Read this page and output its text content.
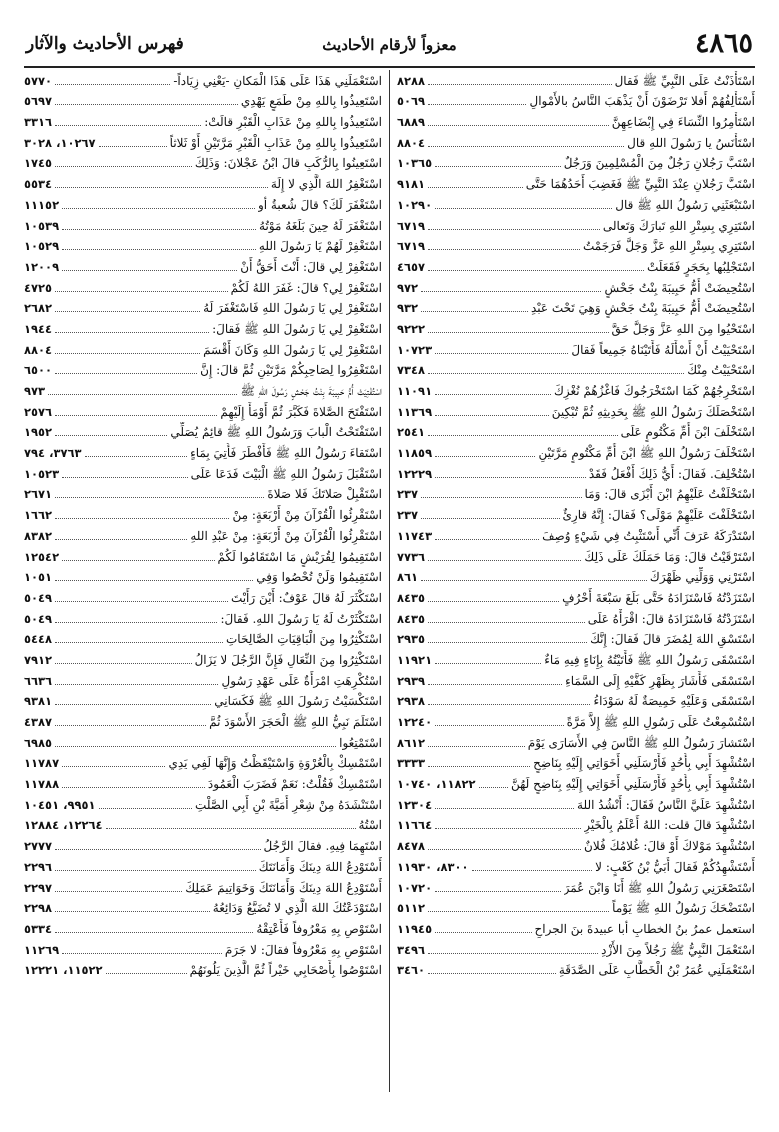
٤٨٦٥
معزواً لأرقام الأحاديث
فهرس الأحاديث والآثار
اسْتَأْذَنْتُ عَلَى النَّبِيِّ ﷺ فَقال
٨٢٨٨
أَسْتَأْلِفُهُمْ أَفلا تَرْضَوْنَ أَنْ يَذْهَبَ النَّاسُ بالأَمْوالِ
٥٠٦٩
اسْتَأْمِرُوا النِّسَاءَ فِي إِبْضَاعِهِنَّ
٦٨٨٩
اسْتَأْنَسُ يا رَسُولَ اللهِ قال
٨٨٠٤
اسْتَبَّ رَجُلانِ رَجُلٌ مِنَ الْمُسْلِمِينَ وَرَجُلٌ
١٠٣٦٥
اسْتَبَّ رَجُلانِ عِنْدَ النَّبِيِّ ﷺ فَغَضِبَ أَحَدُهُمَا حَتَّى
٩١٨١
اسْتَبْعَثَنِي رَسُولُ اللهِ ﷺ قال
١٠٢٩٠
اسْتَتِرِي بِسِتْرِ اللهِ تَبارَكَ وَتَعالى
٦٧١٩
اسْتَتِرِي بِسِتْرِ اللهِ عَزَّ وَجَلَّ فَرَجَمْتُ
٦٧١٩
اسْتَجْلِبُها بِحَجَرٍ فَقَعَلَتْ
٤٦٥٧
اسْتُحِيضَتْ أُمُّ حَبِيبَةَ بِنْتُ جَحْشٍ
٩٧٢
اسْتُحِيضَتْ أُمُّ حَبِيبَةَ بِنْتُ جَحْشٍ وَهِيَ تَحْتَ عَبْدِ
٩٣٢
اسْتَحْيُوا مِنَ اللهِ عَزَّ وَجَلَّ حَقَّ
٩٢٢٢
اسْتَحْيَيْتُ أَنْ أَسْأَلَهُ فَأَتَيْنَاهُ جَمِيعاً فَقالَ
١٠٧٢٣
اسْتَحْيَيْتُ مِنْكَ
٧٣٤٨
اسْتَخْرِجُهُمْ كَمَا اسْتَخْرَجُوكَ فَاغْزُهُمْ نُغْزِكَ
١١٠٩١
اسْتَخْصَلَكَ رَسُولُ اللهِ ﷺ بِحَدِيثِهِ ثُمَّ تُبْكِينَ
١١٣٦٩
اسْتَخْلَفَ ابْنَ أُمِّ مَكْتُومٍ عَلَى
٢٥٤١
اسْتَخْلَفَ رَسُولُ اللهِ ﷺ ابْنَ أُمِّ مَكْتُومٍ مَرَّتَيْنِ
١١٨٥٩
اسْتُخْلِفَ. فَقالَ: أَيُّ ذَلِكَ أَفْعَلُ فَقَدْ
١٢٢٢٩
اسْتَخْلَفْتُ عَلَيْهِمُ ابْنَ أَبْزَى قالَ: وَمَا
٢٣٧
اسْتَخْلَفْتَ عَلَيْهِمْ مَوْلَى؟ فَقالَ: إِنَّهُ قارِئٌ
٢٣٧
اسْتَدْرَكَهُ عَرَفَ أَنِّي أَسْتَثْبِتُ فِي شَيْءٍ وُصِفَ
١١٧٤٣
اسْتَرْقَيْتُ قالَ: وَمَا حَمَلَكَ عَلَى ذَلِكَ
٧٧٣٦
اسْتَرْنِي وَوَلِّنِي ظَهْرَكَ
٨٦١
اسْتَزَدْتُهُ فَاسْتَزَادَهُ حَتَّى بَلَغَ سَبْعَةَ أَحْرُفٍ
٨٤٣٥
اسْتَزَدْتُهُ فَاسْتَزَادَهُ قالَ: اقْرَأْهُ عَلَى
٨٤٣٥
اسْتَسْقِ اللهَ لِمُضَرَ قالَ فَقالَ: إِنَّكَ
٢٩٣٥
اسْتَسْقَى رَسُولُ اللهِ ﷺ فَأَتَيْتُهُ بِإِنَاءٍ فِيهِ مَاءٌ
١١٩٢١
اسْتَسْقَى فَأَشَارَ بِظَهْرِ كَفَّيْهِ إِلَى السَّمَاءِ
٢٩٣٩
اسْتَسْقَى وَعَلَيْهِ خَمِيصَةٌ لَهُ سَوْدَاءُ
٢٩٣٨
اسْتُسْمِعْتُ عَلَى رَسُولِ اللهِ ﷺ إِلاَّ مَرَّةً
١٢٢٤٠
اسْتَشارَ رَسُولُ اللهِ ﷺ النَّاسَ فِي الأَسَارَى يَوْمَ
٨٦١٢
اسْتُشْهِدَ أَبِي بِأُحُدٍ فَأَرْسَلَنِي أَخَوَاتِي إِلَيْهِ بِنَاضِحٍ
٣٣٣٣
اسْتُشْهِدَ أَبِي بِأُحُدٍ فَأَرْسَلَنِي أَخَوَاتِي إِلَيْهِ بِنَاضِحٍ لَهُنَّ
١١٨٢٢، ١٠٧٤٠
اسْتُشْهِدَ عَلَيَّ النَّاسُ فَقَالَ: أَنْشُدُ اللهَ
١٢٣٠٤
اسْتُشْهِدَ قالَ قلت: اللهُ أَعْلَمُ بِالْخَيْرِ
١١٦٦٤
اسْتُشْهِدَ مَوْلاكَ أَوْ قالَ: غُلامُكَ فُلانٌ
٨٤٧٨
أَسْتَشْهِدُكُمْ فَقالَ أُبَيُّ بْنُ كَعْبٍ: لا
٨٣٠٠، ١١٩٣٠
اسْتَصْغَرَنِي رَسُولُ اللهِ ﷺ أَنَا وَابْنَ عُمَرَ
١٠٧٢٠
اسْتَضْحَكَ رَسُولُ اللهِ ﷺ يَوْماً
٥١١٢
استعمل عمرُ بنُ الخطابِ أبا عبيدةَ بنَ الجراحِ
١١٩٤٥
اسْتَعْمَلَ النَّبِيُّ ﷺ رَجُلاً مِنَ الأَزْدِ
٣٤٩٦
اسْتَعْمَلَنِي عُمَرُ بْنُ الْخَطَّابِ عَلَى الصَّدَقَةِ
٣٤٦٠
اسْتَعْمَلَنِي هَذَا عَلَى هَذَا الْمَكانِ -يَعْنِي زِيَاداً-
٥٧٧٠
اسْتَعِيذُوا بِاللهِ مِنْ طَمَعٍ يَهْدِي
٥٦٩٧
اسْتَعِيذُوا بِاللهِ مِنْ عَذَابِ الْقَبْرِ قالَتْ:
٣٣١٦
اسْتَعِيذُوا بِاللهِ مِنْ عَذَابِ الْقَبْرِ مَرَّتَيْنِ أَوْ ثَلاثاً
١٠٢٦٧، ٣٠٢٨
اسْتَعِينُوا بِالرُّكَبِ قالَ ابْنُ عَجْلانَ: وَذَلِكَ
١٧٤٥
اسْتَغْفِرُ اللهَ الَّذِي لا إِلَهَ
٥٥٣٤
اسْتَغْفَرَ لَكَ؟ قالَ شُعبةُ أو
١١١٥٢
اسْتَغْفَرَ لَهُ حِينَ بَلَغَهُ مَوْتُهُ
١٠٥٣٩
اسْتَغْفِرْ لَهُمْ يَا رَسُولَ اللهِ
١٠٥٢٩
اسْتَغْفِرْ لِي قالَ: أَنْتَ أَحَقُّ أَنْ
١٢٠٠٩
اسْتَغْفِرْ لِي؟ قالَ: غَفَرَ اللهُ لَكُمْ
٤٧٢٥
اسْتَغْفِرْ لِي يَا رَسُولَ اللهِ فَاسْتَغْفَرَ لَهُ
٢٦٨٢
اسْتَغْفِرْ لِي يَا رَسُولَ اللهِ ﷺ فَقالَ:
١٩٤٤
اسْتَغْفِرْ لِي يَا رَسُولَ اللهِ وَكَانَ أَقْسَمَ
٨٨٠٤
اسْتَغْفِرُوا لِصَاحِبِكُمْ مَرَّتَيْنِ ثُمَّ قالَ: إِنَّ
٦٥٠٠
اسْتُفْتِيَتْ أُمُّ حَبِيبَةَ بِنْتُ جَحْشٍ رَسُولَ اللهِ ﷺ
٩٧٣
اسْتَفْتَحَ الصَّلاةَ فَكَبَّرَ ثُمَّ أَوْمَأَ إِلَيْهِمْ
٢٥٧٦
اسْتَفْتَحْتُ الْبابَ وَرَسُولُ اللهِ ﷺ قائِمٌ يُصَلِّي
١٩٥٢
اسْتَقاءَ رَسُولُ اللهِ ﷺ فَأَفْطَرَ فَأُتِيَ بِمَاءٍ
٣٧٦٣، ٧٩٤
اسْتَقْبَلَ رَسُولُ اللهِ ﷺ الْبَيْتَ فَدَعَا عَلَى
١٠٥٢٣
اسْتَقْبِلْ صَلاتَكَ فَلا صَلاةَ
٢٦٧١
اسْتَقْرِئُوا الْقُرْآنَ مِنْ أَرْبَعَةٍ: مِنْ
١٦٦٢
اسْتَقْرِئُوا الْقُرْآنَ مِنْ أَرْبَعَةٍ: مِنْ عَبْدِ اللهِ
٨٣٨٢
اسْتَقِيمُوا لِقُرَيْشٍ مَا اسْتَقَامُوا لَكُمْ
١٢٥٤٢
اسْتَقِيمُوا وَلَنْ تُحْصُوا وَفِي
١٠٥١
اسْتَكْثَرَ لَهُ قالَ عَوْفٌ: أَيْنَ رَأَيْتَ
٥٠٤٩
اسْتَكْثَرْتُ لَهُ يَا رَسُولَ اللهِ. فَقالَ:
٥٠٤٩
اسْتَكْثِرُوا مِنَ الْبَاقِيَاتِ الصَّالِحَاتِ
٥٤٤٨
اسْتَكْثِرُوا مِنَ النِّعَالِ فَإِنَّ الرَّجُلَ لا يَزَالُ
٧٩١٢
اسْتُكْرِهَتِ امْرَأَةٌ عَلَى عَهْدِ رَسُولِ
٦٦٣٦
اسْتَكْسَيْتُ رَسُولَ اللهِ ﷺ فَكَسَانِي
٩٣٨١
اسْتَلَمَ نَبِيُّ اللهِ ﷺ الْحَجَرَ الأَسْوَدَ ثُمَّ
٤٣٨٧
اسْتَمْتِعُوا
٦٩٨٥
اسْتَمْسِكْ بِالْعُرْوَةِ وَاسْتَيْقَظْتُ وَإِنَّهَا لَفِي يَدِي
١١٧٨٧
اسْتَمْسِكْ فَقُلْتُ: نَعَمْ فَضَرَبَ الْعَمُودَ
١١٧٨٨
اسْتَنْشَدَهُ مِنْ شِعْرِ أُمَيَّةَ بْنِ أَبِي الصَّلْتِ
٩٩٥١، ١٠٤٥١
اسْتُهُ
١٢٢٦٤، ١٢٨٨٤
اسْتَهِمَا فِيهِ. فقالَ الرَّجُلُ
٢٧٧٧
أَسْتَوْدِعُ اللهَ دِينَكَ وَأَمَانَتَكَ
٢٢٩٦
أَسْتَوْدِعُ اللهَ دِينَكَ وَأَمَانَتَكَ وَخَوَاتِيمَ عَمَلِكَ
٢٢٩٧
اسْتَوْدَعْتُكَ اللهَ الَّذِي لا تُضَيَّعُ وَدَائِعُهُ
٢٢٩٨
اسْتَوْصِ بِهِ مَعْرُوفاً فَأَعْتِقْهُ
٥٣٣٤
اسْتَوْصِ بِهِ مَعْرُوفاً فقالَ: لا جَرَمَ
١١٢٦٩
اسْتَوْصُوا بِأَصْحَابِي خَيْراً ثُمَّ الَّذِينَ يَلُونَهُمْ
١١٥٢٢، ١٢٢٢١
